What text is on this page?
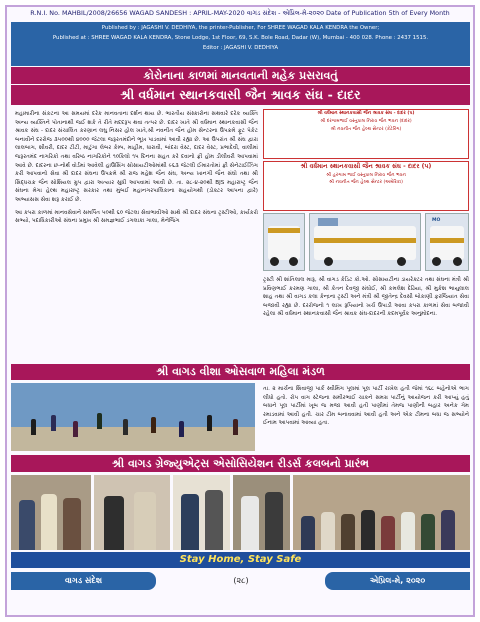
R.N.I. No. MAHBIL/2008/26656 WAGAD SANDESH : APRIL-MAY-2020 વાગડ સંદેશ - એપ્રિલ-મે-૨૦૨૦ Date of Publication 5th of Every Month
Published by : JAGASHI V. DEDHIYA, the printer-Publisher, For SHREE WAGAD KALA KENDRA the Owner;
Published at : SHREE WAGAD KALA KENDRA, Stone Lodge, 1st Floor, 69, S.K. Bole Road, Dadar (W), Mumbai - 400 028. Phone : 2437 1515.
Editor : JAGASHI V. DEDHIYA
કોરોનાના કાળમાં માનવતાની મહેક પ્રસરાવતું
શ્રી વર્ધમાન સ્થાનકવાસી જૈન શ્રાવક સંઘ - દાદર

મહામારીના સંકટના આ સમયમાં દરેક માનવતાના દર્શન થાય છે. ભારતીય સંસ્કારોના સથવારે દરેક વ્યક્તિ અન્ય વ્યક્તિને પોતાનાથી જઈ શકે તે રીતે મદદરૂપ થવા તત્પર છે. દાદર ખાતે શ્રી વર્ધમાન સ્થાનકવાસી જૈન શ્રાવક સંઘ - દાદર સંચાલિત કરણાન લઘુ નિસર હોલ ખાતે,શ્રી નવનીત જૈન હોમ સેન્ટરના ઉપક્રમે ફૂટ પેકેટ બનાવીને દરરોજ ૩૫૦૦થી ૪૦૦૦ જેટલા જરૂરતમંદોને ભૂખ પાડવામાં આવી રહ્યા છે. આ ઉપરાંત શ્રી સંઘ દ્વારા લાલબાગ, શીવરી, દાદર ટીટી, માટુંગા લેબર કેમ્પ, માહીમ, ધારાવી, બાંદરા વેસ્ટ, દાદર વેસ્ટ, પ્રભાદેવી, વાલીમાં જરૂરતમંદ નાગરિકો તથા વરિષ્ઠ નાગરિકોને ૧૦કિલો ૧૫ દિનના સહત કરે દવાનો ફ્રી હોમ ડીલીવરી આપવામાં આવે છે. દાદરના છ-નોર્થ વોર્ડમાં આવેલી હાઉસિંગ સોસાયટીઓમાંથી ૯૬૩ જેટલી ઈમારતોમાં ફ્રી સેનેટાઈઝિંગ કરી આપવાનો સેવા શ્રી દાદર સંઘના ઉપક્રમે શ્રી રાજ મહેશ જૈન સંઘ, અન્ય ખાનગી જૈન સંઘો તથા શ્રી સિદ્ધચક્ર જૈન સોશિયલ ગ્રુપ દ્વારા અત્યાર સુધી આપવામાં આવી છે. તા. ૨૮-૪-૨૦થી BJS મહારાષ્ટ્ર જૈન સંઘના મેગા હેલ્થ મહારાષ્ટ્ર સરકાર તથા મુંબઈ મહાનગરપાલિકાના સહયોગથી (ડોક્ટર આપના દ્વારે) અભ્યાસસ સેવા શરૂ કરાઈ છે.

આ કપરા કાળમાં માનવસેવાને સમર્પિત ૫૦થી ૬૦ જેટલા સેવાભાવીઓ સાથે શ્રી દાદર સંઘના ટ્રસ્ટીઓ, કાર્યકરો સભ્યો, પદાધિકારીઓ સંઘના પ્રમુખ શ્રી સમજ્ઞભાઈ ડગલાકા ગાલા, મેનેજિંગ

શ્રી વર્ધમાન સ્થાનકવાસી જૈન શ્રાવક સંઘ - દાદર (પ)
શ્રી દરગામભાઈ વસ્તુપાલ નિરાવ જૈન ભવન (દાદર)
શ્રી નવનીત જૈન હેલ્થ સેન્ટર (કેટેરિંગ)
શ્રી વર્ધમાન સ્થાનકવાસી જૈન શ્રાવક સંઘ - દાદર (પ)
શ્રી હરગામ ભાઈ વસ્તુપાલ નિરાવ જૈન ભવન
શ્રી નવનીત જૈન હેલ્થ સેન્ટર (અમેરિકા)
MO

ટ્રસ્ટી શ્રી શાંતિલાલ મારૂ, શ્રી વાગડ કેડિટ કો.ઓ. સોસાયટીના ડાયરેક્ટર તથા સંઘના મંત્રી શ્રી પ્રવિણભાઈ કરમણ ગાલા, શ્રી કેતન દેવજી સંઘોઈ, શ્રી કમલેશ દેઢિયા, શ્રી મુકેશ ભાયુલાલ શાહ તથા શ્રી વાગડ કલા કેન્દ્રના ટ્રસ્ટી અને મંત્રી શ્રી જીતેન્દ્ર દેવસી બોકાણી ફરજિયાત સેવા બજાવી રહ્યા છે. દરરોજનો ૧ લાખ રૂપિયાનો ખર્ચ ઉપાડી આવા કપરા કાળમાં સેવા બજાવી રહેલા શ્રી વર્ધમાન સ્થાનકવાસી જૈન શ્રાવક સંઘ-દાદરની કદમપૂર્વક અનુમોદના.

શ્રી વાગડ વીશા ઓસવાળ મહિલા મંડળ

તા. ૨ માર્ચના શિવાજી પાર્ક સ્વીમિંગ પૂલમાં પૂલ પાર્ટી રાખેલ હતી જેમાં ૧૬૮ બહેનોએ ભાગ લીધો હતો. રોપ વાગ સ્ટેજના સમીરભાઈ ચાકને સમગ્ર પાર્ટીનું આયોજન કરી આપ્યું હતું બધાને પૂલ પાર્ટીમાં ખૂબ જ મજા આવી હતી પાણીમાં તેમજ પાણીની બહાર અનેક ગેમ રમાડવામાં આવી હતી. ચાર ટીમ બનાવવામાં આવી હતી અને એક ટીમના બધા જ સભ્યોને ઈનામ આપવામાં આવ્યા હતા.

શ્રી વાગડ ગ્રેજ્યુએટ્સ એસોસિયેશન રીડર્સ કલબનો પ્રારંભ
Stay Home, Stay Safe
વાગડ સંદેશ	(૨૮)	એપ્રિલ-મે, ૨૦૨૦
